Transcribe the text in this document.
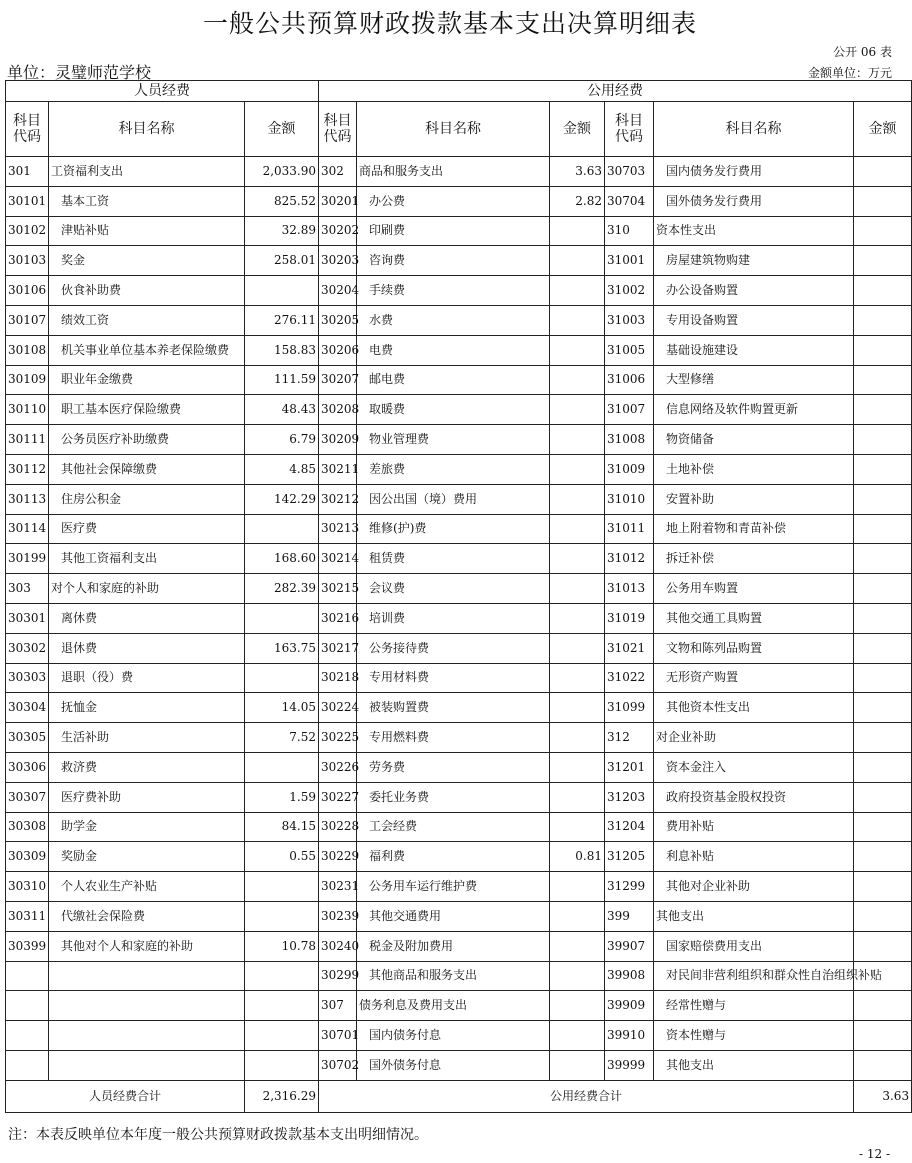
一般公共预算财政拨款基本支出决算明细表
公开 06 表
单位：灵璧师范学校	金额单位：万元
人员经费			公用经费					
科目代码	科目名称	金额	科目代码	科目名称	金额	科目代码	科目名称	金额
301	工资福利支出	2,033.90	302	商品和服务支出	3.63	30703	国内债务发行费用	
30101	基本工资	825.52	30201	办公费	2.82	30704	国外债务发行费用	
30102	津贴补贴	32.89	30202	印刷费		310	资本性支出	
30103	奖金	258.01	30203	咨询费		31001	房屋建筑物购建	
30106	伙食补助费		30204	手续费		31002	办公设备购置	
30107	绩效工资	276.11	30205	水费		31003	专用设备购置	
30108	机关事业单位基本养老保险缴费	158.83	30206	电费		31005	基础设施建设	
30109	职业年金缴费	111.59	30207	邮电费		31006	大型修缮	
30110	职工基本医疗保险缴费	48.43	30208	取暖费		31007	信息网络及软件购置更新	
30111	公务员医疗补助缴费	6.79	30209	物业管理费		31008	物资储备	
30112	其他社会保障缴费	4.85	30211	差旅费		31009	土地补偿	
30113	住房公积金	142.29	30212	因公出国（境）费用		31010	安置补助	
30114	医疗费		30213	维修(护)费		31011	地上附着物和青苗补偿	
30199	其他工资福利支出	168.60	30214	租赁费		31012	拆迁补偿	
303	对个人和家庭的补助	282.39	30215	会议费		31013	公务用车购置	
30301	离休费		30216	培训费		31019	其他交通工具购置	
30302	退休费	163.75	30217	公务接待费		31021	文物和陈列品购置	
30303	退职（役）费		30218	专用材料费		31022	无形资产购置	
30304	抚恤金	14.05	30224	被装购置费		31099	其他资本性支出	
30305	生活补助	7.52	30225	专用燃料费		312	对企业补助	
30306	救济费		30226	劳务费		31201	资本金注入	
30307	医疗费补助	1.59	30227	委托业务费		31203	政府投资基金股权投资	
30308	助学金	84.15	30228	工会经费		31204	费用补贴	
30309	奖励金	0.55	30229	福利费	0.81	31205	利息补贴	
30310	个人农业生产补贴		30231	公务用车运行维护费		31299	其他对企业补助	
30311	代缴社会保险费		30239	其他交通费用		399	其他支出	
30399	其他对个人和家庭的补助	10.78	30240	税金及附加费用		39907	国家赔偿费用支出	
			30299	其他商品和服务支出		39908	对民间非营利组织和群众性自治组织补贴	
			307	债务利息及费用支出		39909	经常性赠与	
			30701	国内债务付息		39910	资本性赠与	
			30702	国外债务付息		39999	其他支出	
人员经费合计		2,316.29	公用经费合计					3.63
注：本表反映单位本年度一般公共预算财政拨款基本支出明细情况。
- 12 -
